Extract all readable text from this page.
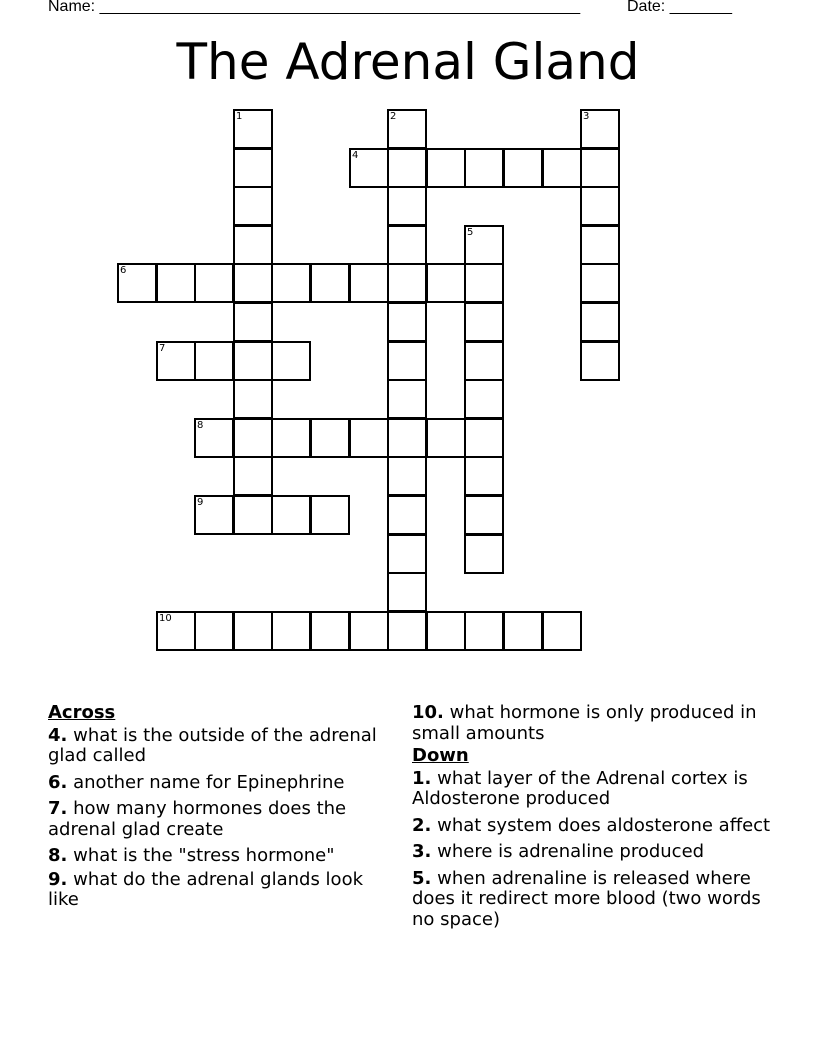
Name: ______________________________________________________	Date: _______
The Adrenal Gland
4
6
7
8
9
10
1	2	3
5
Across
4. what is the outside of the adrenal glad called
6. another name for Epinephrine
7. how many hormones does the adrenal glad create
8. what is the "stress hormone"
9. what do the adrenal glands look like
10. what hormone is only produced in small amounts
Down
1. what layer of the Adrenal cortex is Aldosterone produced
2. what system does aldosterone affect
3. where is adrenaline produced
5. when adrenaline is released where does it redirect more blood (two words no space)
